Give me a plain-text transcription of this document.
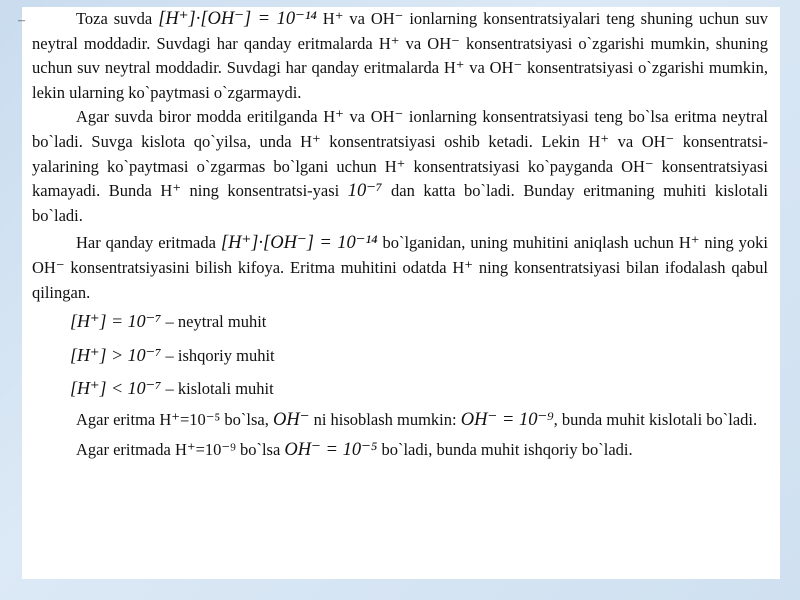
–	Toza suvda [H⁺]·[OH⁻] = 10⁻¹⁴ H⁺ va OH⁻ ionlarning konsentratsiyalari teng shuning uchun suv neytral moddadir. Suvdagi har qanday eritmalarda H⁺ va OH⁻ konsentratsiyasi o`zgarishi mumkin, shuning uchun suv neytral moddadir. Suvdagi har qanday eritmalarda H⁺ va OH⁻ konsentratsiyasi o`zgarishi mumkin, lekin ularning ko`paytmasi o`zgarmaydi.

Agar suvda biror modda eritilganda H⁺ va OH⁻ ionlarning konsentratsiyasi teng bo`lsa eritma neytral bo`ladi. Suvga kislota qo`yilsa, unda H⁺ konsentratsiyasi oshib ketadi. Lekin H⁺ va OH⁻ konsentratsi-yalarining ko`paytmasi o`zgarmas bo`lgani uchun H⁺ konsentratsiyasi ko`payganda OH⁻ konsentratsiyasi kamayadi. Bunda H⁺ ning konsentratsi-yasi 10⁻⁷ dan katta bo`ladi. Bunday eritmaning muhiti kislotali bo`ladi.

Har qanday eritmada [H⁺]·[OH⁻] = 10⁻¹⁴ bo`lganidan, uning muhitini aniqlash uchun H⁺ ning yoki OH⁻ konsentratsiyasini bilish kifoya. Eritma muhitini odatda H⁺ ning konsentratsiyasi bilan ifodalash qabul qilingan.

[H⁺] = 10⁻⁷ – neytral muhit

[H⁺] > 10⁻⁷ – ishqoriy muhit

[H⁺] < 10⁻⁷ – kislotali muhit

Agar eritma H⁺=10⁻⁵ bo`lsa, OH⁻ ni hisoblash mumkin: OH⁻ = 10⁻⁹, bunda muhit kislotali bo`ladi.

Agar eritmada H⁺=10⁻⁹ bo`lsa OH⁻ = 10⁻⁵ bo`ladi, bunda muhit ishqoriy bo`ladi.
